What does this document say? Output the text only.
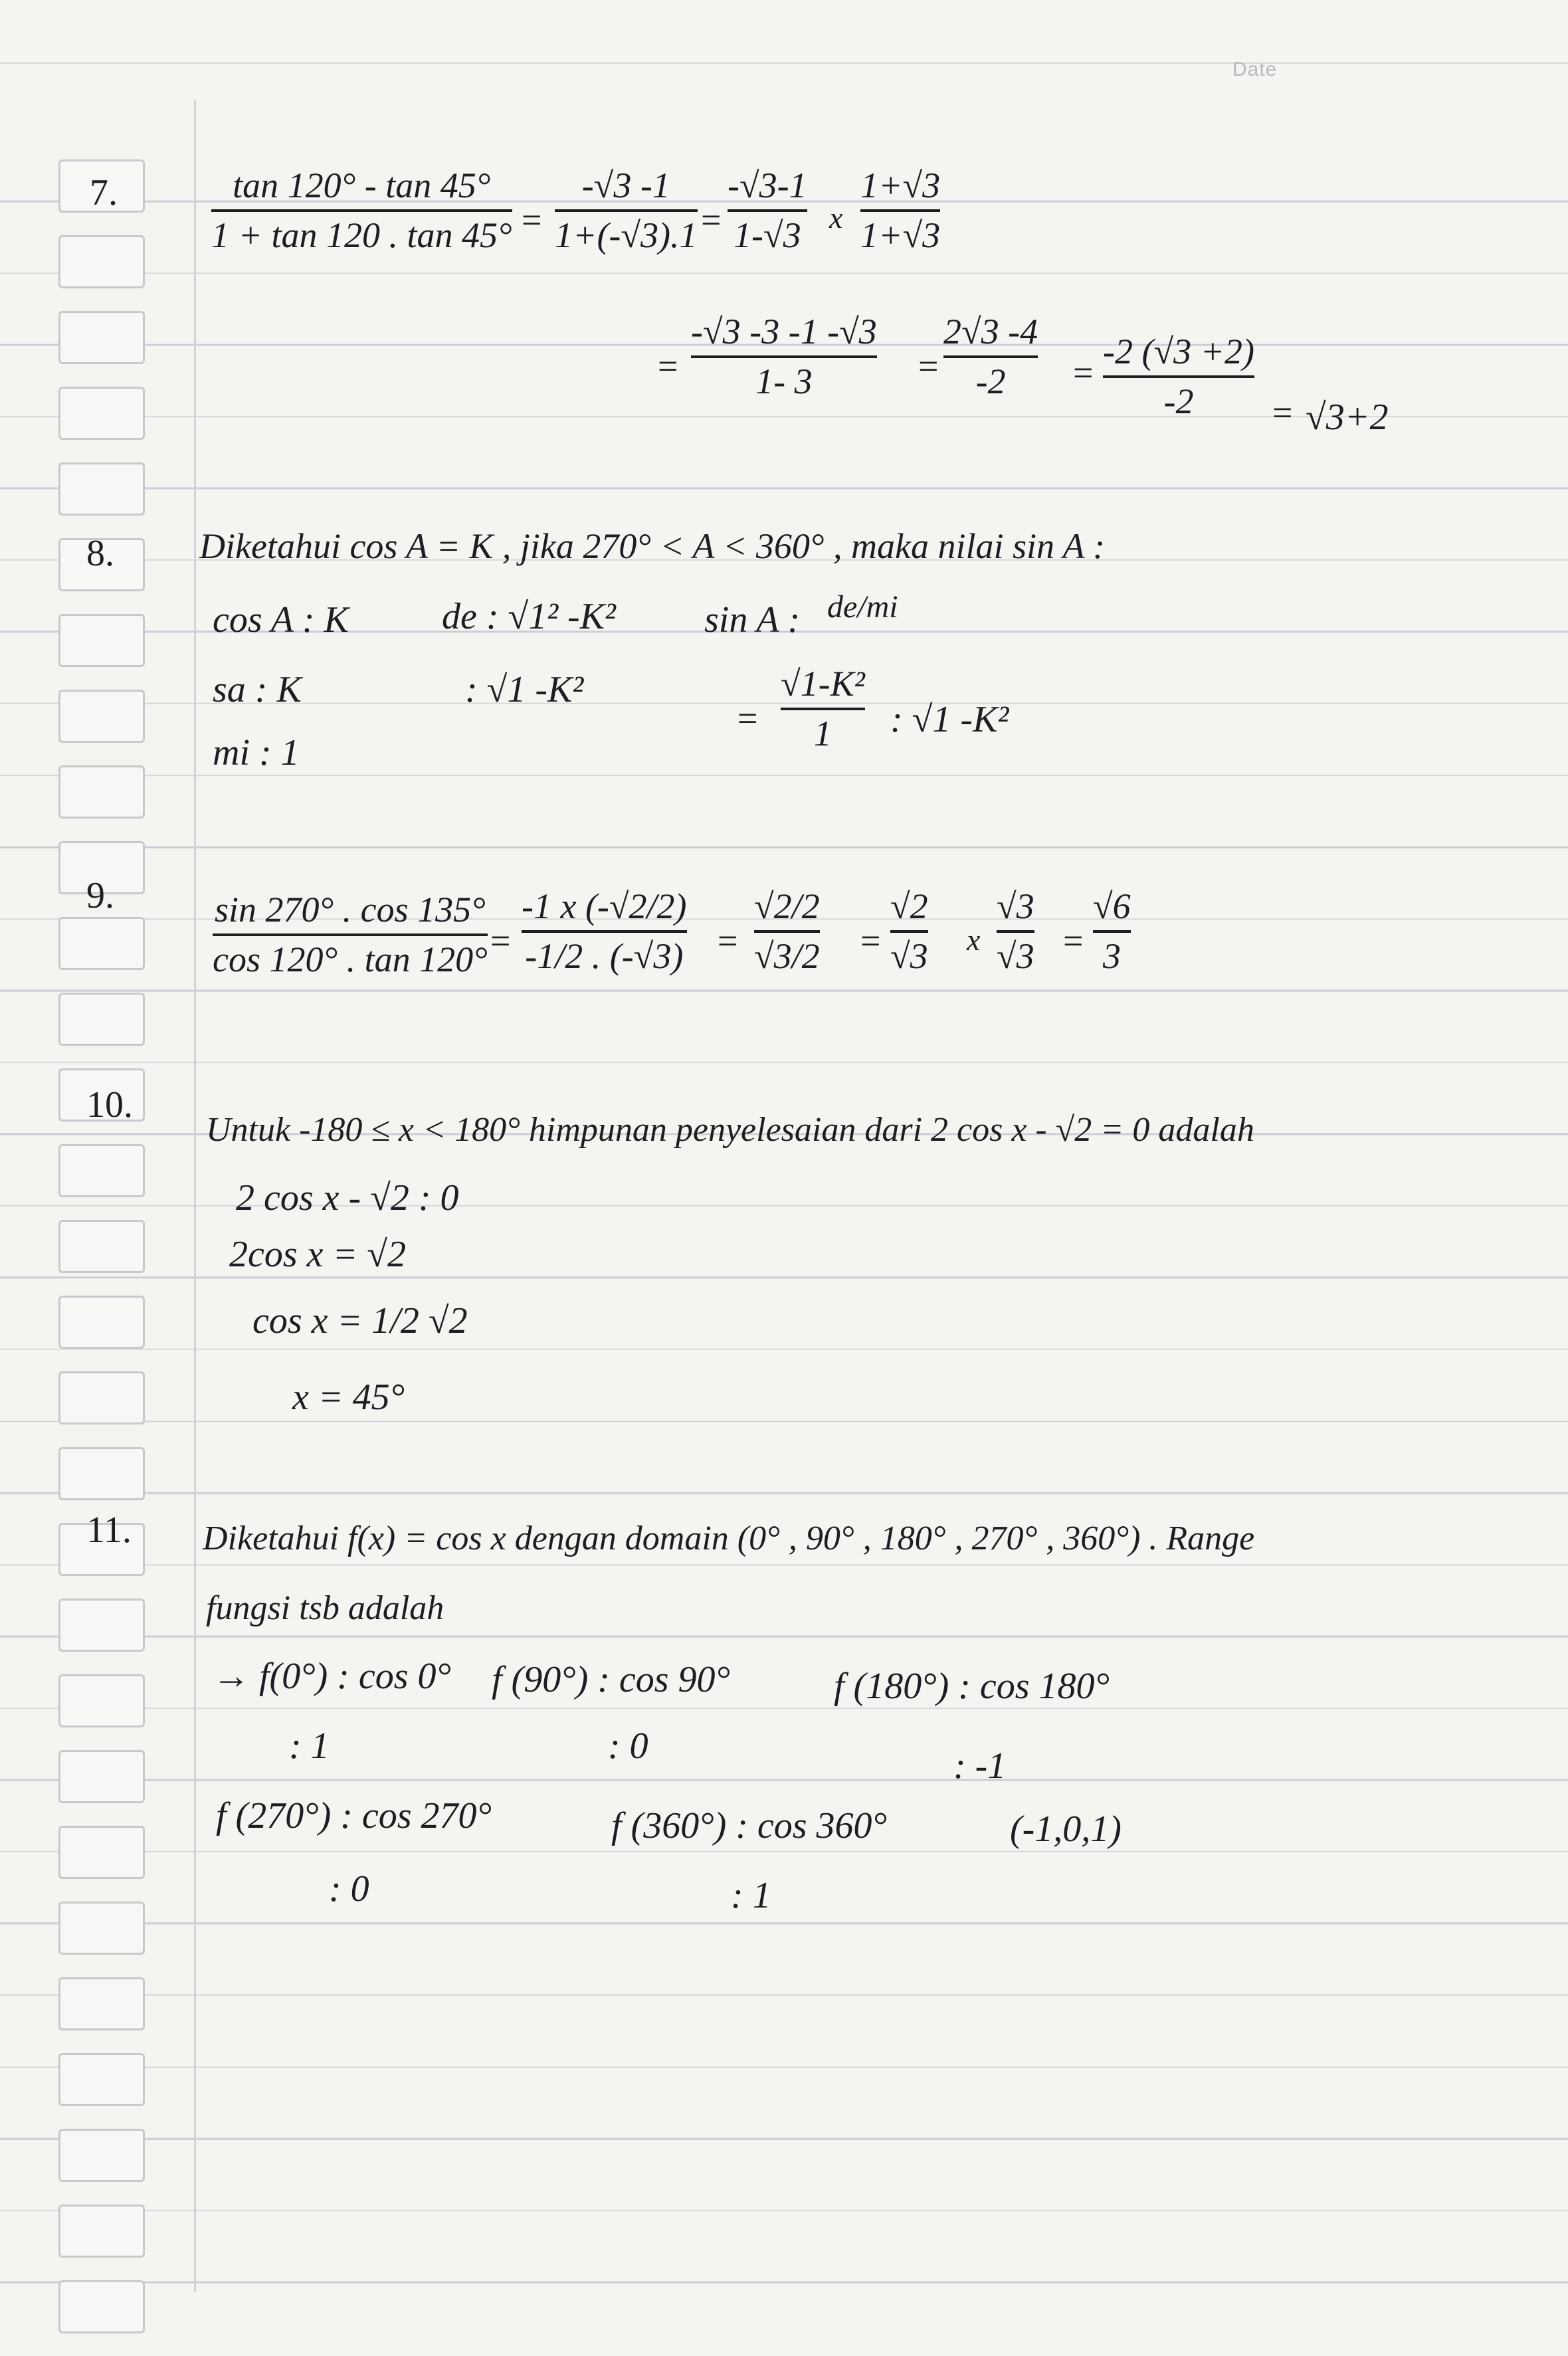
Date
7.	tan 120° - tan 45°
1 + tan 120 . tan 45° =
-√3 -1
1+(-√3).1 =
-√3-1
1-√3 x
1+√3
1+√3
=
-√3 -3 -1 -√3
1- 3	=
2√3 -4
-2 =
-2 (√3 +2)
-2 = √3+2
8. Diketahui cos A = K , jika 270° < A < 360° , maka nilai sin A :
cos A : K
sa : K
mi : 1
de : √1² -K²
: √1 -K²
sin A : de/mi
=
√1-K²
1 : √1 -K²
9.	sin 270° . cos 135°
cos 120° . tan 120° =
-1 x (-√2/2)
-1/2 . (-√3) =
√2/2
√3/2 =
√2
√3 x
√3
√3 =
√6
3
10.
Untuk -180 ≤ x < 180° himpunan penyelesaian dari 2 cos x - √2 = 0 adalah
2 cos x - √2 : 0
2cos x = √2
cos x = 1/2 √2
x = 45°
11. Diketahui f(x) = cos x dengan domain (0° , 90° , 180° , 270° , 360°) . Range
fungsi tsb adalah
→ f(0°) : cos 0°
: 1
f (90°) : cos 90°
: 0
f (180°) : cos 180°
: -1
f (270°) : cos 270°
: 0
f (360°) : cos 360°
: 1
(-1,0,1)
